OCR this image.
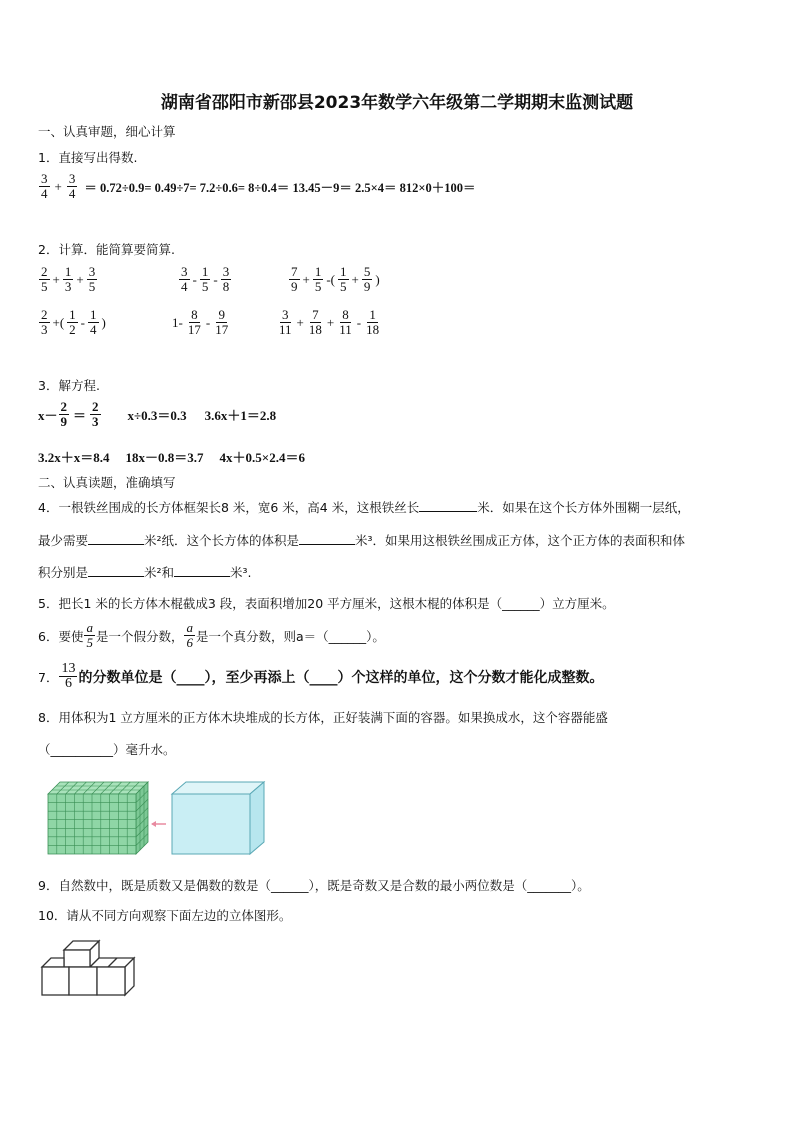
湖南省邵阳市新邵县2023年数学六年级第二学期期末监测试题
一、认真审题，细心计算
1．直接写出得数.
$\frac{3}{4} + \frac{3}{4} = 0.72\div 0.9= 0.49\div 7= 7.2\div 0.6= 8\div 0.4= 13.45-9= 2.5\times 4= 812\times 0+100=$
2．计算．能简算要简算.
$\frac{2}{5} + \frac{1}{3} + \frac{3}{5}$	$\frac{3}{4} - \frac{1}{5} - \frac{3}{8}$	$\frac{7}{9} + \frac{1}{5}$ -( $\frac{1}{5} + \frac{5}{9}$ )
$\frac{2}{3}$ +( $\frac{1}{2} - \frac{1}{4}$ )	$1- \frac{8}{17} - \frac{9}{17}$	$\frac{3}{11} + \frac{7}{18} + \frac{8}{11} - \frac{1}{18}$
3．解方程.
$x- \frac{2}{9} = \frac{2}{3} x\div 0.3=0.3$ 3.6x＋1＝2.8
3.2x＋x＝8.4 18x－0.8＝3.7 4x＋0.5×2.4＝6
二、认真读题，准确填写
4．一根铁丝围成的长方体框架长8 米，宽6 米，高4 米，这根铁丝长	米．如果在这个长方体外围糊一层纸，
最少需要	米²纸．这个长方体的体积是	米³．如果用这根铁丝围成正方体，这个正方体的表面积和体
积分别是	米²和	米³.
5．把长1 米的长方体木棍截成3 段，表面积增加20 平方厘米，这根木棍的体积是（______）立方厘米。
6．要使 $\frac{a}{5}$ 是一个假分数， $\frac{a}{6}$ 是一个真分数，则a＝（______）。
7． $\frac{13}{6}$ 的分数单位是（____），至少再添上（____）个这样的单位，这个分数才能化成整数。
8．用体积为1 立方厘米的正方体木块堆成的长方体，正好装满下面的容器。如果换成水，这个容器能盛
（__________）毫升水。
9．自然数中，既是质数又是偶数的数是（______），既是奇数又是合数的最小两位数是（_______）。
10．请从不同方向观察下面左边的立体图形。
